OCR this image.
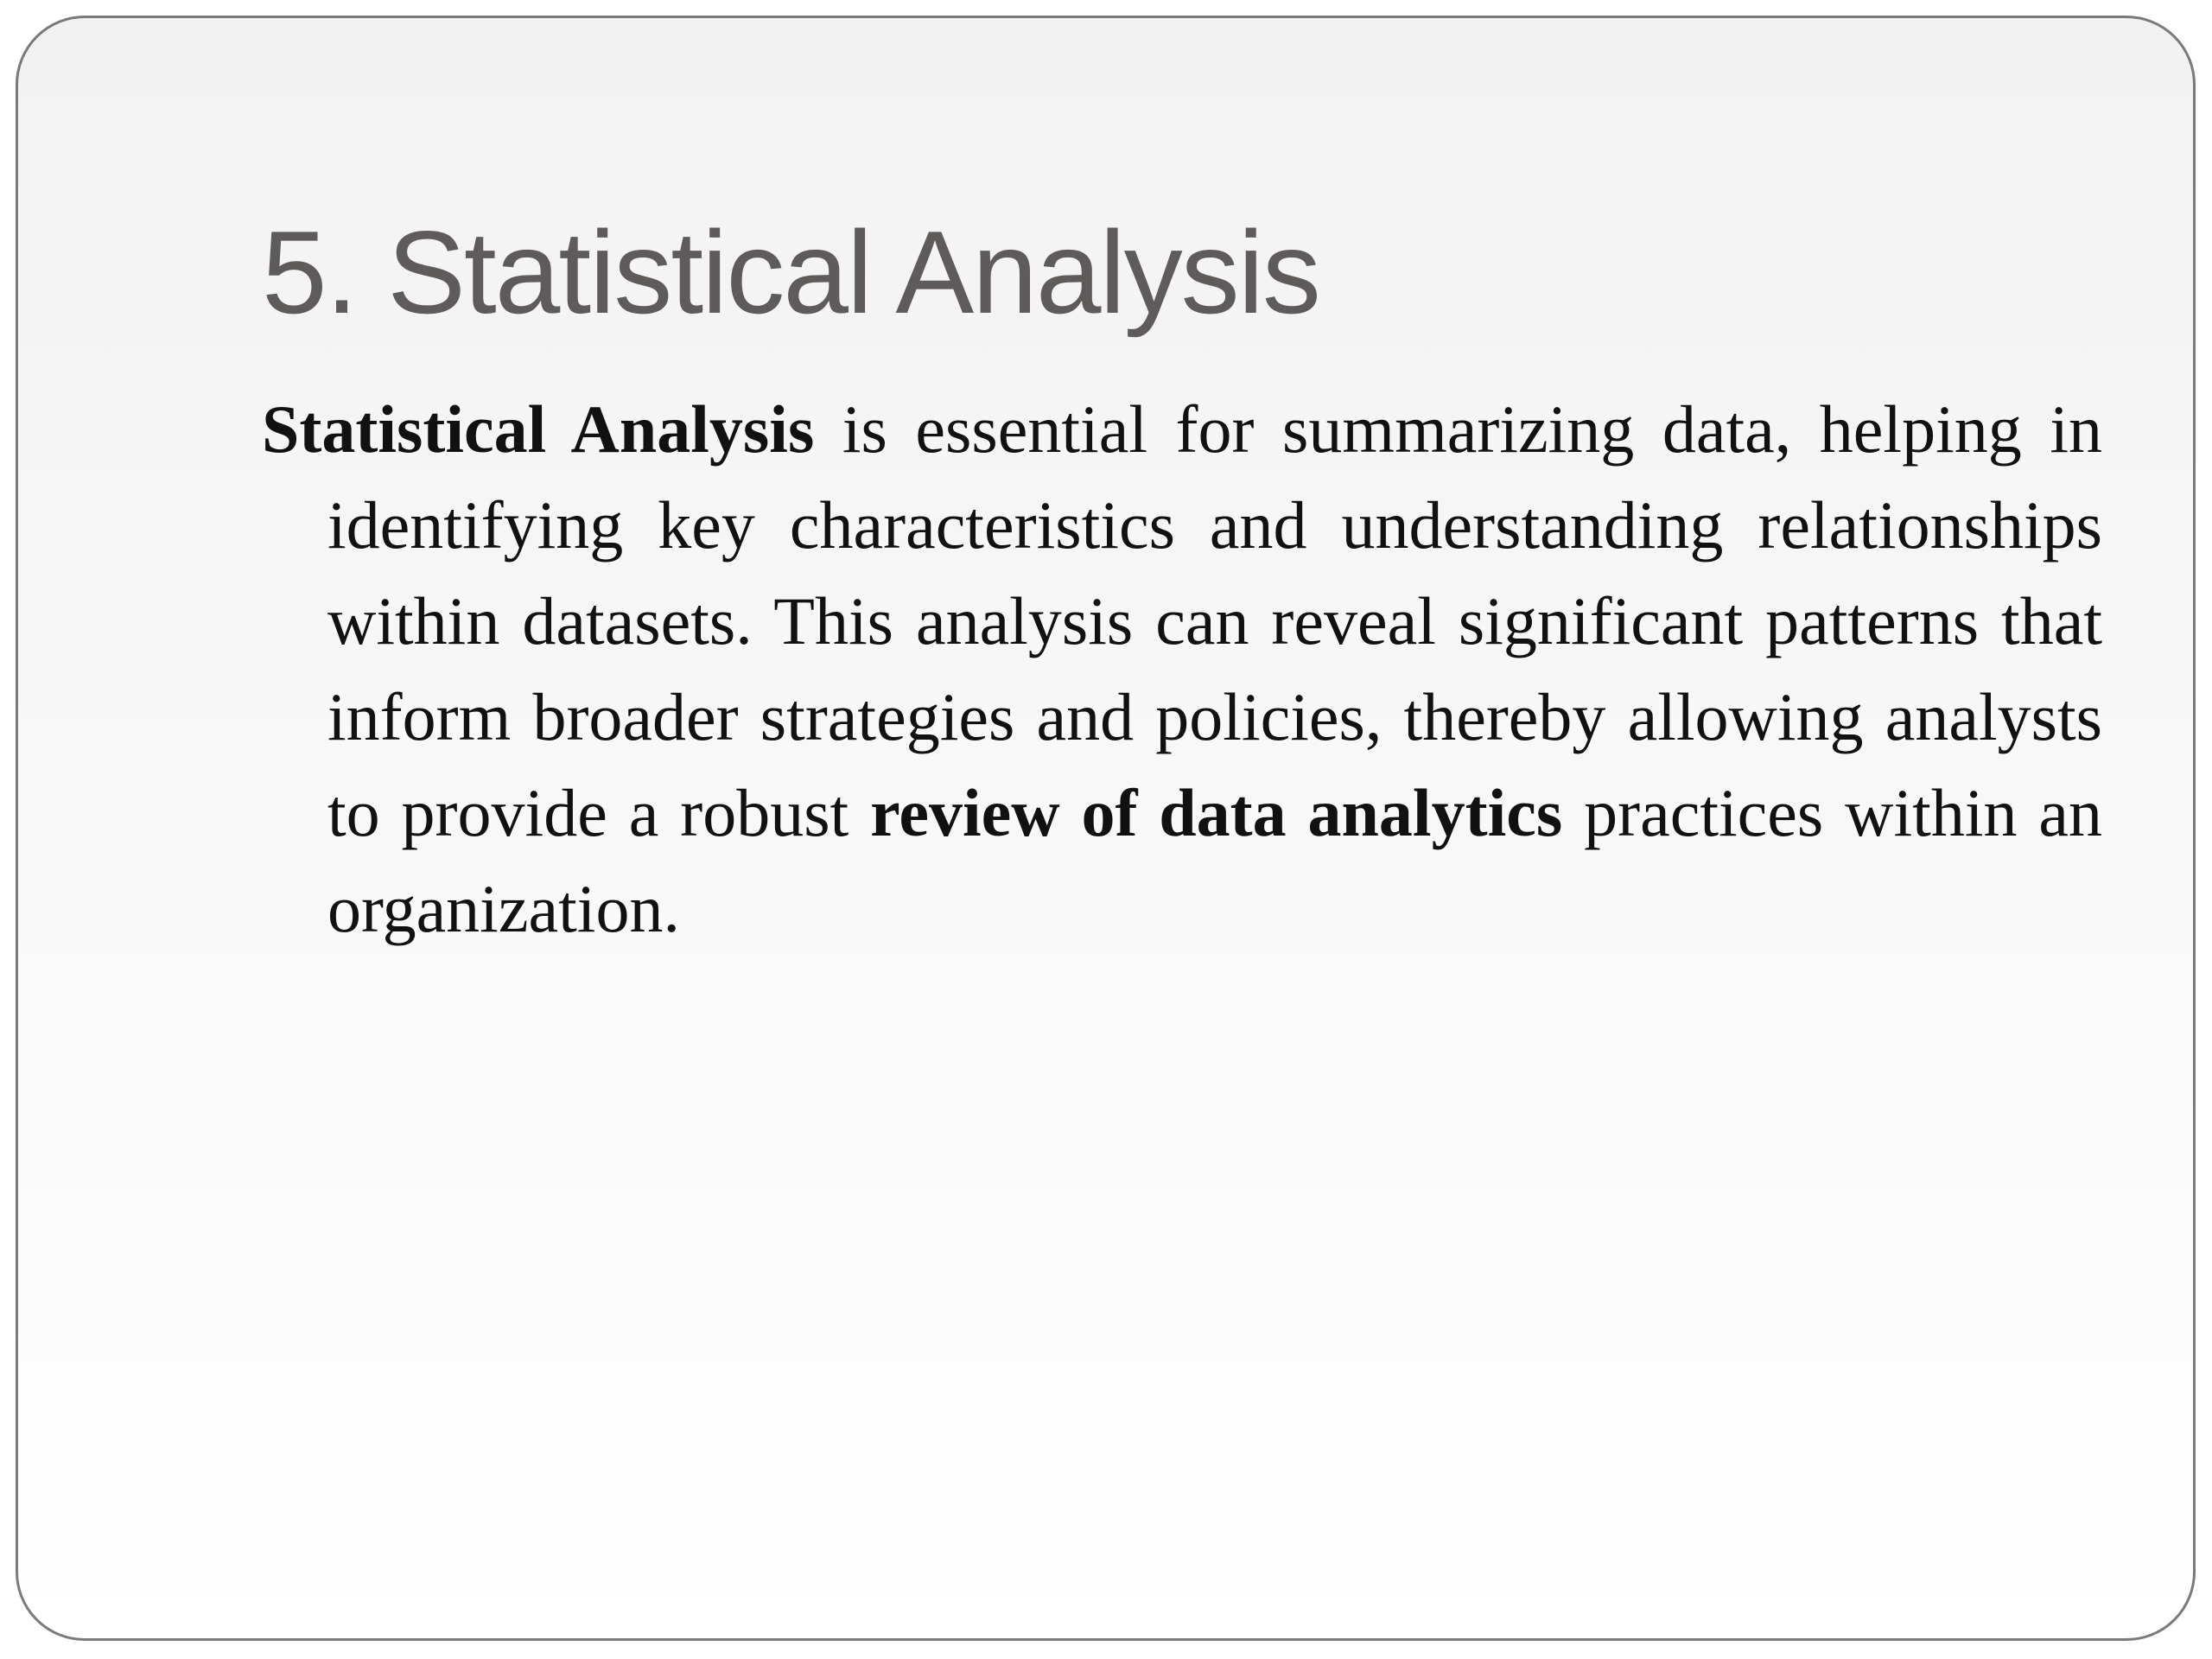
5. Statistical Analysis

Statistical Analysis is essential for summarizing data, helping in identifying key characteristics and understanding relationships within datasets. This analysis can reveal significant patterns that inform broader strategies and policies, thereby allowing analysts to provide a robust review of data analytics practices within an organization.
